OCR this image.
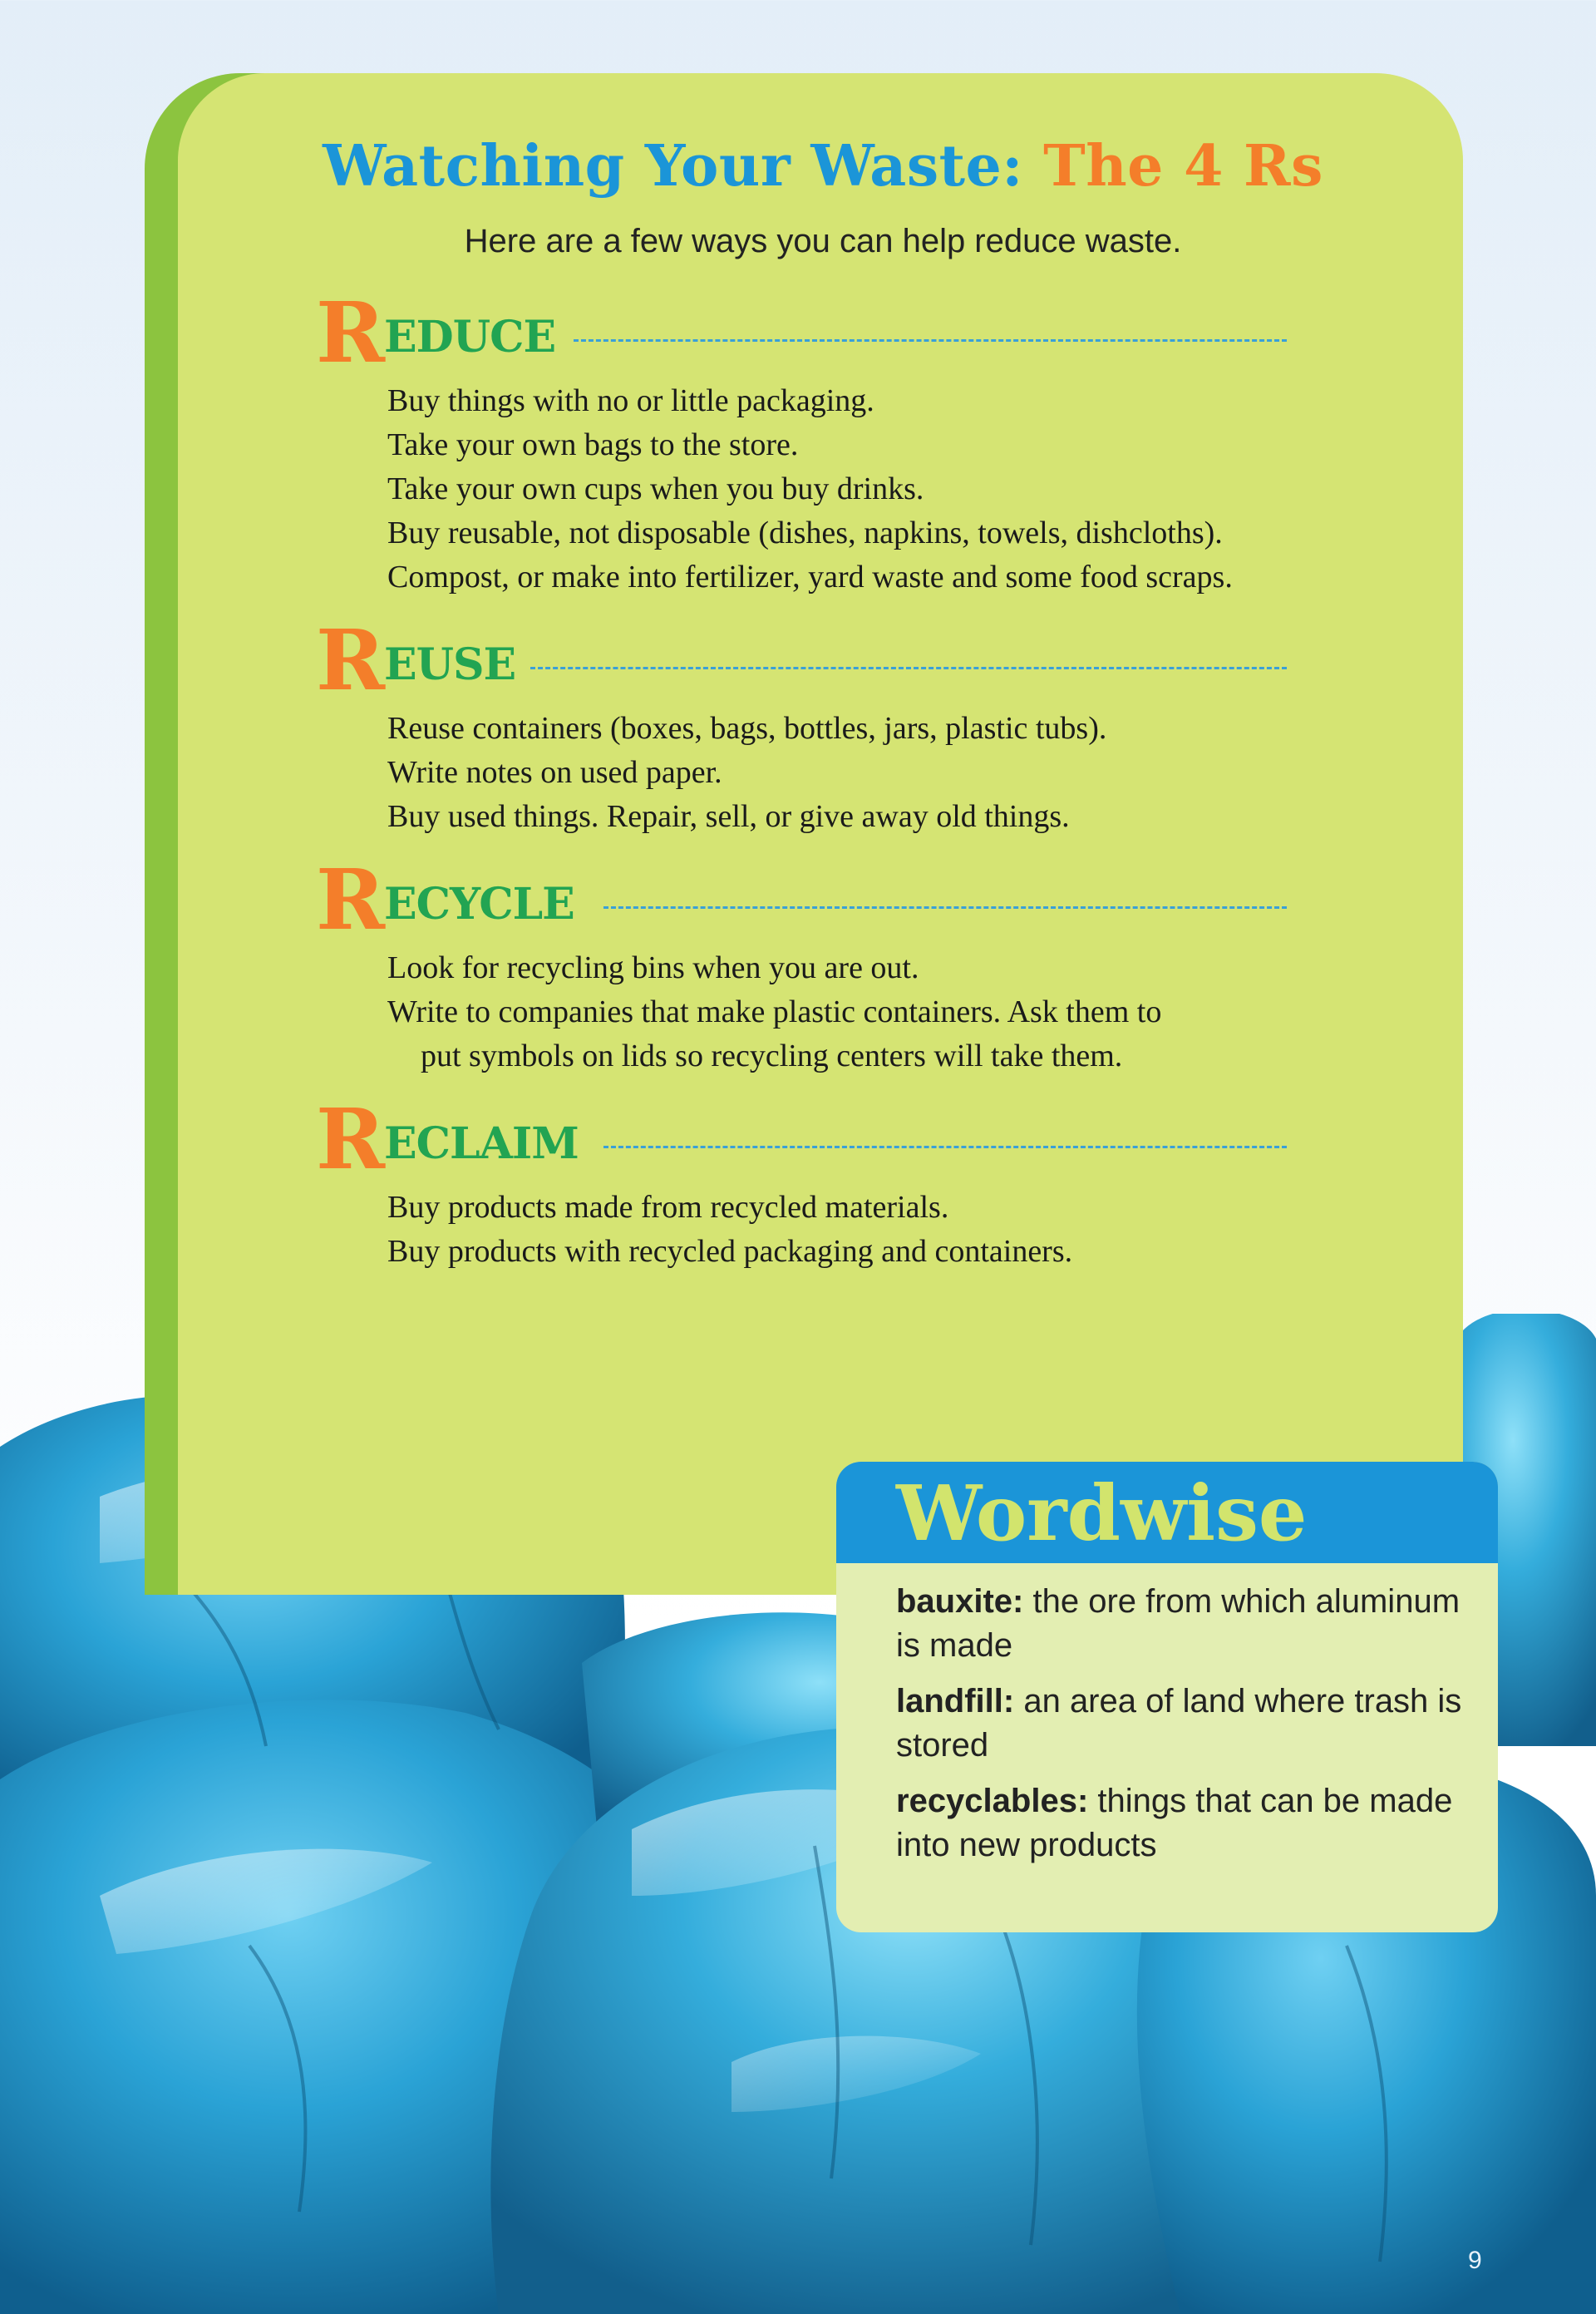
Watching Your Waste: The 4 Rs
Here are a few ways you can help reduce waste.
R
EDUCE
Buy things with no or little packaging.
Take your own bags to the store.
Take your own cups when you buy drinks.
Buy reusable, not disposable (dishes, napkins, towels, dishcloths).
Compost, or make into fertilizer, yard waste and some food scraps.
R
EUSE
Reuse containers (boxes, bags, bottles, jars, plastic tubs).
Write notes on used paper.
Buy used things. Repair, sell, or give away old things.
R
ECYCLE
Look for recycling bins when you are out.
Write to companies that make plastic containers. Ask them to
put symbols on lids so recycling centers will take them.
R
ECLAIM
Buy products made from recycled materials.
Buy products with recycled packaging and containers.
Wordwise
bauxite: the ore from which aluminum is made
landfill: an area of land where trash is stored
recyclables: things that can be made into new products
9
